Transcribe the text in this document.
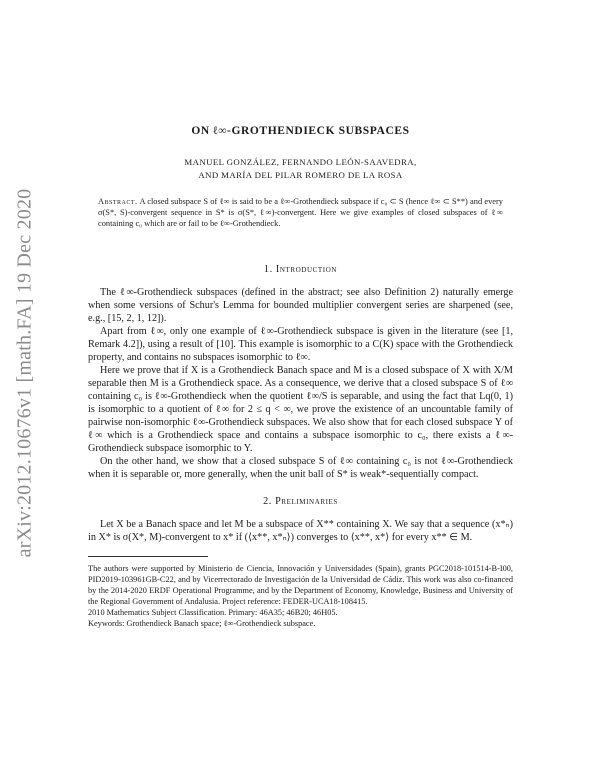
arXiv:2012.10676v1 [math.FA] 19 Dec 2020
ON ℓ∞-GROTHENDIECK SUBSPACES
MANUEL GONZÁLEZ, FERNANDO LEÓN-SAAVEDRA,
AND MARÍA DEL PILAR ROMERO DE LA ROSA
Abstract. A closed subspace S of ℓ∞ is said to be a ℓ∞-Grothendieck subspace if c₀ ⊂ S (hence ℓ∞ ⊂ S**) and every σ(S*, S)-convergent sequence in S* is σ(S*, ℓ∞)-convergent. Here we give examples of closed subspaces of ℓ∞ containing c₀ which are or fail to be ℓ∞-Grothendieck.
1. Introduction

The ℓ∞-Grothendieck subspaces (defined in the abstract; see also Definition 2) naturally emerge when some versions of Schur's Lemma for bounded multiplier convergent series are sharpened (see, e.g., [15, 2, 1, 12]).

Apart from ℓ∞, only one example of ℓ∞-Grothendieck subspace is given in the literature (see [1, Remark 4.2]), using a result of [10]. This example is isomorphic to a C(K) space with the Grothendieck property, and contains no subspaces isomorphic to ℓ∞.

Here we prove that if X is a Grothendieck Banach space and M is a closed subspace of X with X/M separable then M is a Grothendieck space. As a consequence, we derive that a closed subspace S of ℓ∞ containing c₀ is ℓ∞-Grothendieck when the quotient ℓ∞/S is separable, and using the fact that Lq(0, 1) is isomorphic to a quotient of ℓ∞ for 2 ≤ q < ∞, we prove the existence of an uncountable family of pairwise non-isomorphic ℓ∞-Grothendieck subspaces. We also show that for each closed subspace Y of ℓ∞ which is a Grothendieck space and contains a subspace isomorphic to c₀, there exists a ℓ∞-Grothendieck subspace isomorphic to Y.

On the other hand, we show that a closed subspace S of ℓ∞ containing c₀ is not ℓ∞-Grothendieck when it is separable or, more generally, when the unit ball of S* is weak*-sequentially compact.

2. Preliminaries

Let X be a Banach space and let M be a subspace of X** containing X. We say that a sequence (x*ₙ) in X* is σ(X*, M)-convergent to x* if (⟨x**, x*ₙ⟩) converges to ⟨x**, x*⟩ for every x** ∈ M.

The authors were supported by Ministerio de Ciencia, Innovación y Universidades (Spain), grants PGC2018-101514-B-I00, PID2019-103961GB-C22, and by Vicerrectorado de Investigación de la Universidad de Cádiz. This work was also co-financed by the 2014-2020 ERDF Operational Programme, and by the Department of Economy, Knowledge, Business and University of the Regional Government of Andalusia. Project reference: FEDER-UCA18-108415.

2010 Mathematics Subject Classification. Primary: 46A35; 46B20; 46H05.

Keywords: Grothendieck Banach space; ℓ∞-Grothendieck subspace.
